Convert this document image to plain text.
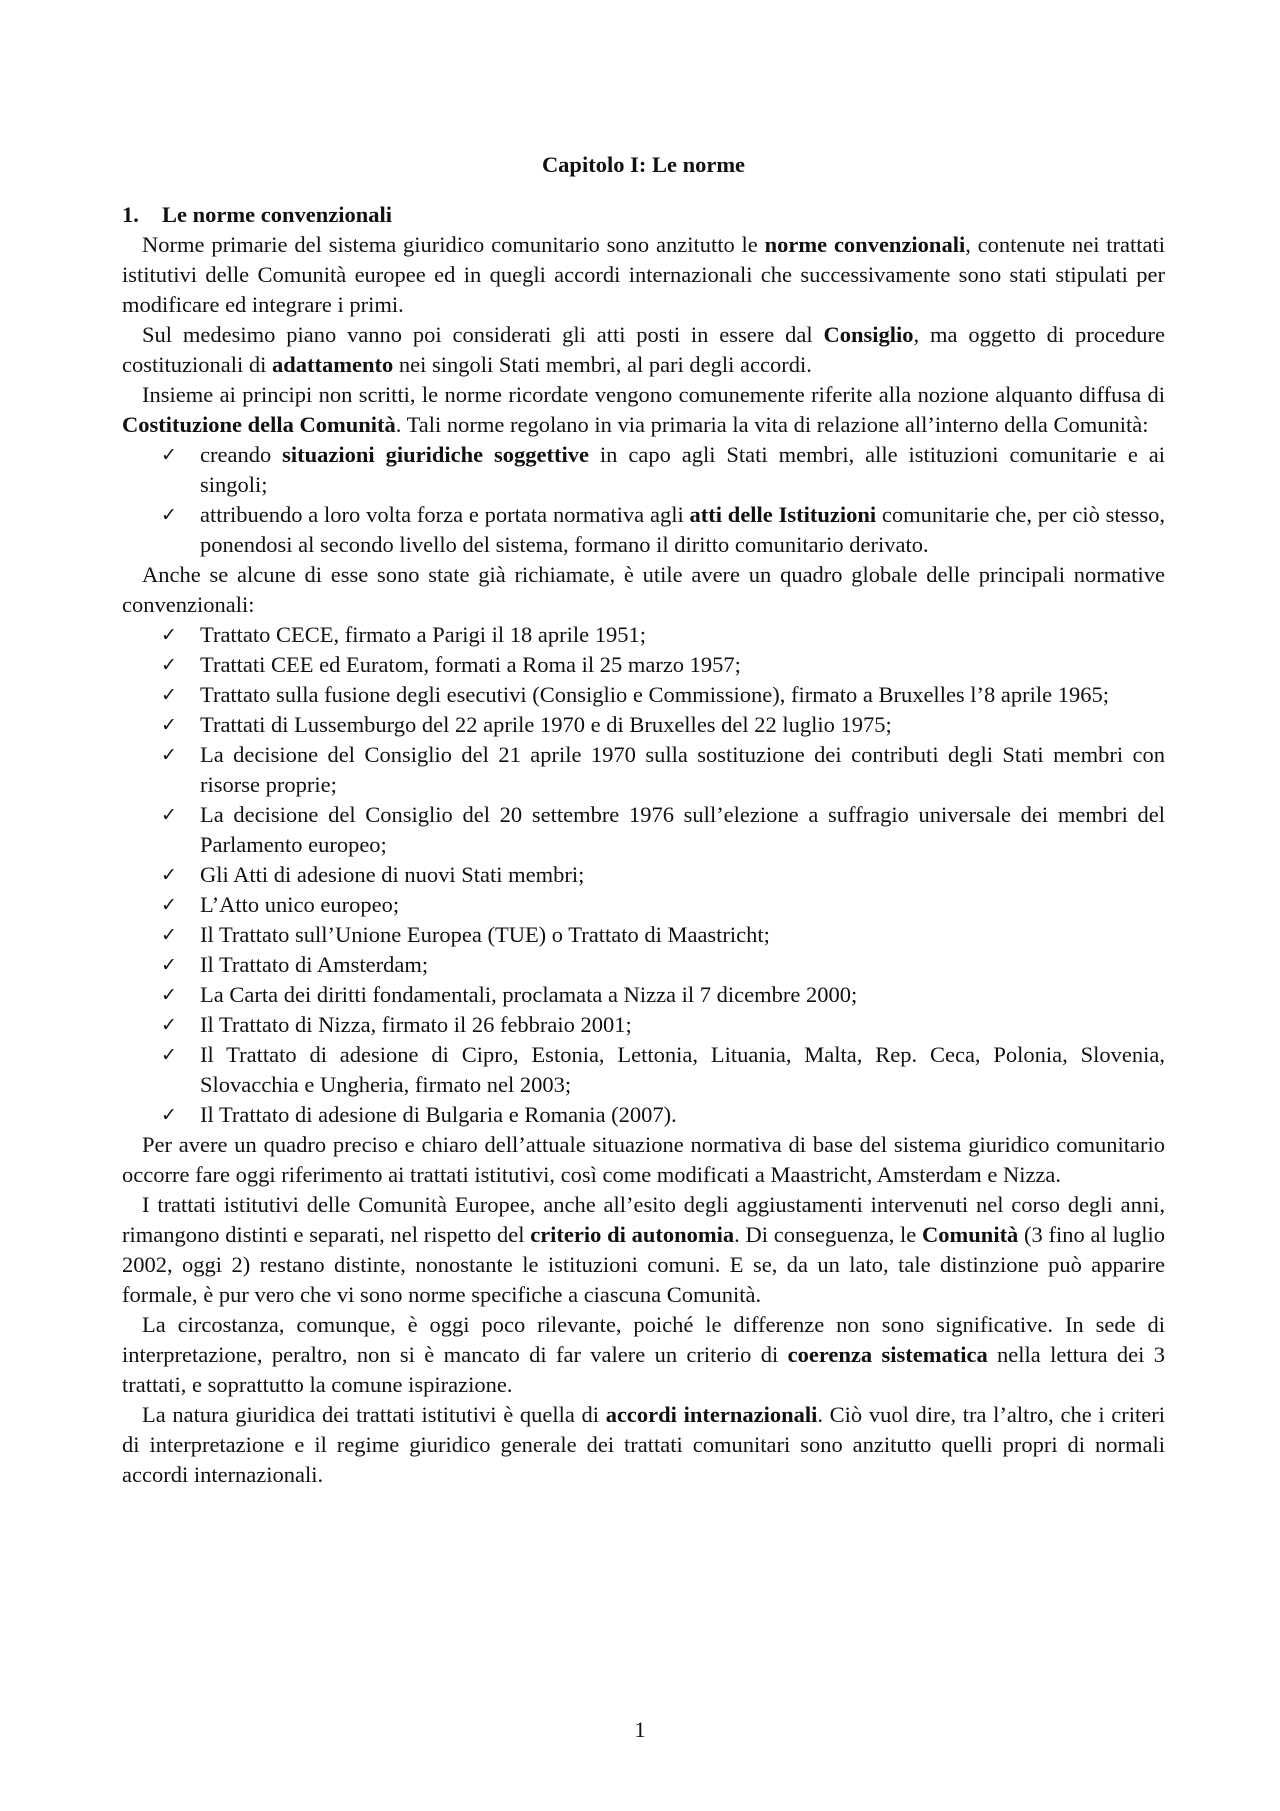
Capitolo I: Le norme
1. Le norme convenzionali

Norme primarie del sistema giuridico comunitario sono anzitutto le norme convenzionali, contenute nei trattati istitutivi delle Comunità europee ed in quegli accordi internazionali che successivamente sono stati stipulati per modificare ed integrare i primi.

Sul medesimo piano vanno poi considerati gli atti posti in essere dal Consiglio, ma oggetto di procedure costituzionali di adattamento nei singoli Stati membri, al pari degli accordi.

Insieme ai principi non scritti, le norme ricordate vengono comunemente riferite alla nozione alquanto diffusa di Costituzione della Comunità. Tali norme regolano in via primaria la vita di relazione all’interno della Comunità:

✓ creando situazioni giuridiche soggettive in capo agli Stati membri, alle istituzioni comunitarie e ai singoli;
✓ attribuendo a loro volta forza e portata normativa agli atti delle Istituzioni comunitarie che, per ciò stesso, ponendosi al secondo livello del sistema, formano il diritto comunitario derivato.

Anche se alcune di esse sono state già richiamate, è utile avere un quadro globale delle principali normative convenzionali:

✓ Trattato CECE, firmato a Parigi il 18 aprile 1951;
✓ Trattati CEE ed Euratom, formati a Roma il 25 marzo 1957;
✓ Trattato sulla fusione degli esecutivi (Consiglio e Commissione), firmato a Bruxelles l’8 aprile 1965;
✓ Trattati di Lussemburgo del 22 aprile 1970 e di Bruxelles del 22 luglio 1975;
✓ La decisione del Consiglio del 21 aprile 1970 sulla sostituzione dei contributi degli Stati membri con risorse proprie;
✓ La decisione del Consiglio del 20 settembre 1976 sull’elezione a suffragio universale dei membri del Parlamento europeo;
✓ Gli Atti di adesione di nuovi Stati membri;
✓ L’Atto unico europeo;
✓ Il Trattato sull’Unione Europea (TUE) o Trattato di Maastricht;
✓ Il Trattato di Amsterdam;
✓ La Carta dei diritti fondamentali, proclamata a Nizza il 7 dicembre 2000;
✓ Il Trattato di Nizza, firmato il 26 febbraio 2001;
✓ Il Trattato di adesione di Cipro, Estonia, Lettonia, Lituania, Malta, Rep. Ceca, Polonia, Slovenia, Slovacchia e Ungheria, firmato nel 2003;
✓ Il Trattato di adesione di Bulgaria e Romania (2007).

Per avere un quadro preciso e chiaro dell’attuale situazione normativa di base del sistema giuridico comunitario occorre fare oggi riferimento ai trattati istitutivi, così come modificati a Maastricht, Amsterdam e Nizza.

I trattati istitutivi delle Comunità Europee, anche all’esito degli aggiustamenti intervenuti nel corso degli anni, rimangono distinti e separati, nel rispetto del criterio di autonomia. Di conseguenza, le Comunità (3 fino al luglio 2002, oggi 2) restano distinte, nonostante le istituzioni comuni. E se, da un lato, tale distinzione può apparire formale, è pur vero che vi sono norme specifiche a ciascuna Comunità.

La circostanza, comunque, è oggi poco rilevante, poiché le differenze non sono significative. In sede di interpretazione, peraltro, non si è mancato di far valere un criterio di coerenza sistematica nella lettura dei 3 trattati, e soprattutto la comune ispirazione.

La natura giuridica dei trattati istitutivi è quella di accordi internazionali. Ciò vuol dire, tra l’altro, che i criteri di interpretazione e il regime giuridico generale dei trattati comunitari sono anzitutto quelli propri di normali accordi internazionali.

1
